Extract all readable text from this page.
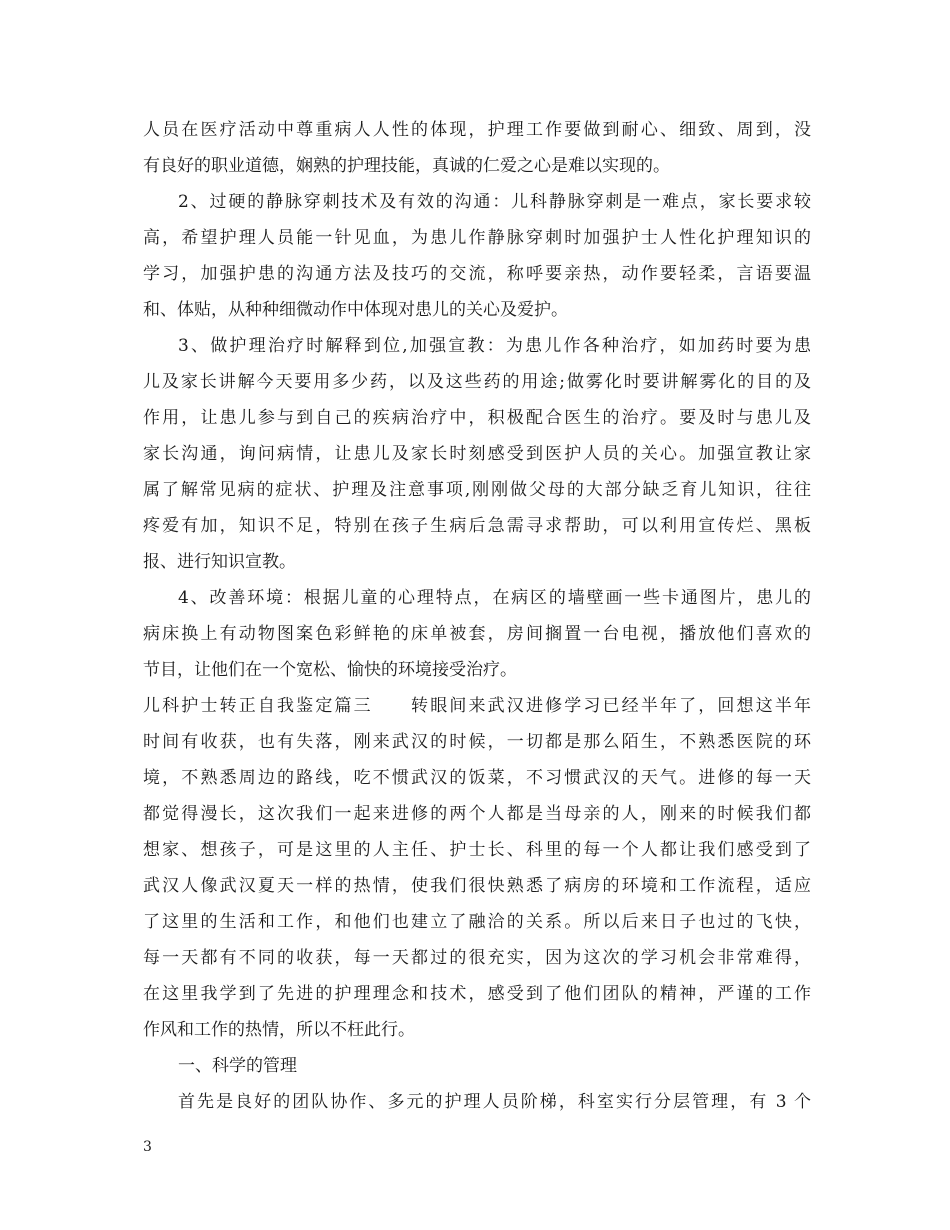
人员在医疗活动中尊重病人人性的体现，护理工作要做到耐心、细致、周到，没
有良好的职业道德，娴熟的护理技能，真诚的仁爱之心是难以实现的。
2、过硬的静脉穿刺技术及有效的沟通：儿科静脉穿刺是一难点，家长要求较
高，希望护理人员能一针见血，为患儿作静脉穿刺时加强护士人性化护理知识的
学习，加强护患的沟通方法及技巧的交流，称呼要亲热，动作要轻柔，言语要温
和、体贴，从种种细微动作中体现对患儿的关心及爱护。
3、做护理治疗时解释到位,加强宣教：为患儿作各种治疗，如加药时要为患
儿及家长讲解今天要用多少药，以及这些药的用途;做雾化时要讲解雾化的目的及
作用，让患儿参与到自己的疾病治疗中，积极配合医生的治疗。要及时与患儿及
家长沟通，询问病情，让患儿及家长时刻感受到医护人员的关心。加强宣教让家
属了解常见病的症状、护理及注意事项,刚刚做父母的大部分缺乏育儿知识，往往
疼爱有加，知识不足，特别在孩子生病后急需寻求帮助，可以利用宣传烂、黑板
报、进行知识宣教。
4、改善环境：根据儿童的心理特点，在病区的墙壁画一些卡通图片，患儿的
病床换上有动物图案色彩鲜艳的床单被套，房间搁置一台电视，播放他们喜欢的
节目，让他们在一个宽松、愉快的环境接受治疗。
儿科护士转正自我鉴定篇三　　转眼间来武汉进修学习已经半年了，回想这半年
时间有收获，也有失落，刚来武汉的时候，一切都是那么陌生，不熟悉医院的环
境，不熟悉周边的路线，吃不惯武汉的饭菜，不习惯武汉的天气。进修的每一天
都觉得漫长，这次我们一起来进修的两个人都是当母亲的人，刚来的时候我们都
想家、想孩子，可是这里的人主任、护士长、科里的每一个人都让我们感受到了
武汉人像武汉夏天一样的热情，使我们很快熟悉了病房的环境和工作流程，适应
了这里的生活和工作，和他们也建立了融洽的关系。所以后来日子也过的飞快，
每一天都有不同的收获，每一天都过的很充实，因为这次的学习机会非常难得，
在这里我学到了先进的护理理念和技术，感受到了他们团队的精神，严谨的工作
作风和工作的热情，所以不枉此行。
一、科学的管理
首先是良好的团队协作、多元的护理人员阶梯，科室实行分层管理，有 3 个
3
